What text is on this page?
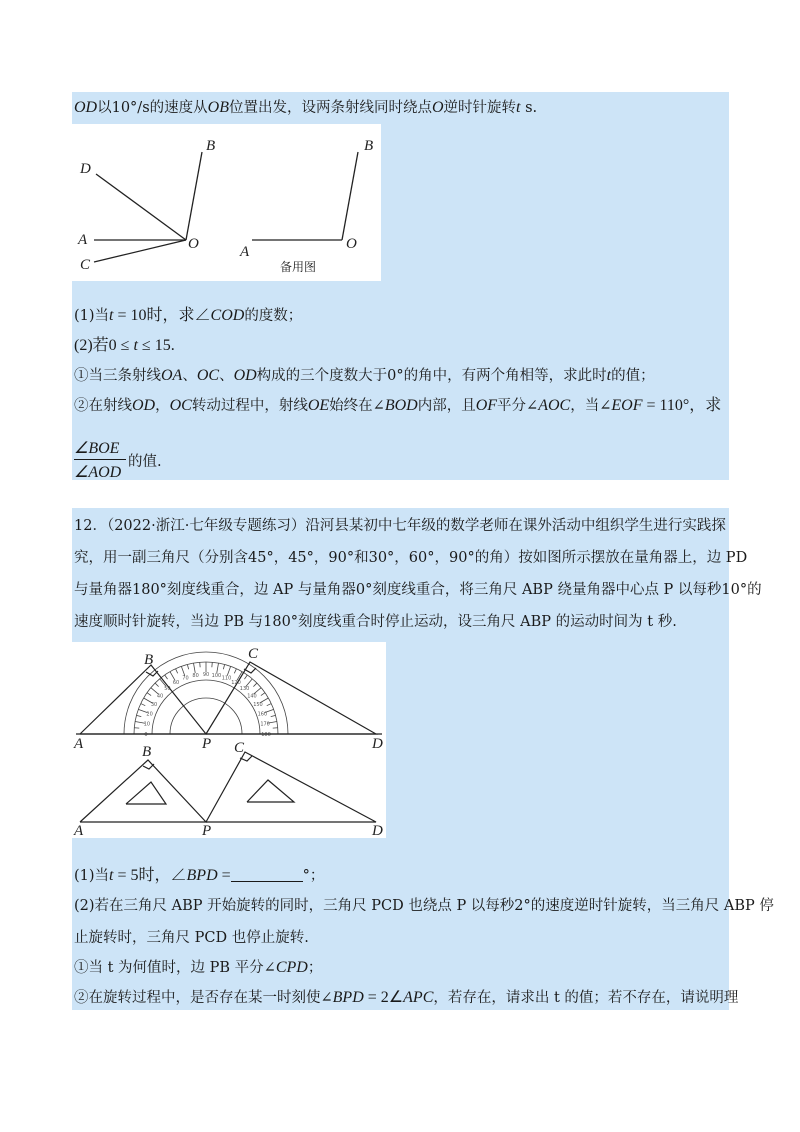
OD以10°/s的速度从OB位置出发，设两条射线同时绕点O逆时针旋转t s.
D
B
A	O
C
B
A	O
备用图
(1)当t = 10时，求∠COD的度数；
(2)若0 ≤ t ≤ 15.
①当三条射线OA、OC、OD构成的三个度数大于0°的角中，有两个角相等，求此时t的值；
②在射线OD，OC转动过程中，射线OE始终在∠BOD内部，且OF平分∠AOC，当∠EOF = 110°，求
∠BOE
∠AOD
的值.
12．（2022·浙江·七年级专题练习）沿河县某初中七年级的数学老师在课外活动中组织学生进行实践探
究，用一副三角尺（分别含45°，45°，90°和30°，60°，90°的角）按如图所示摆放在量角器上，边 PD
与量角器180°刻度线重合，边 AP 与量角器0°刻度线重合，将三角尺 ABP 绕量角器中心点 P 以每秒10°的
速度顺时针旋转，当边 PB 与180°刻度线重合时停止运动，设三角尺 ABP 的运动时间为 t 秒.
0
10
20
30
40
50
60
70 80 90 100 110
120
130
140
150
160
170
180
B	C
A	P	D
B	C
A	P	D
(1)当t = 5时，∠BPD =	°；
(2)若在三角尺 ABP 开始旋转的同时，三角尺 PCD 也绕点 P 以每秒2°的速度逆时针旋转，当三角尺 ABP 停
止旋转时，三角尺 PCD 也停止旋转.
①当 t 为何值时，边 PB 平分∠CPD；
②在旋转过程中，是否存在某一时刻使∠BPD = 2∠APC，若存在，请求出 t 的值；若不存在，请说明理
